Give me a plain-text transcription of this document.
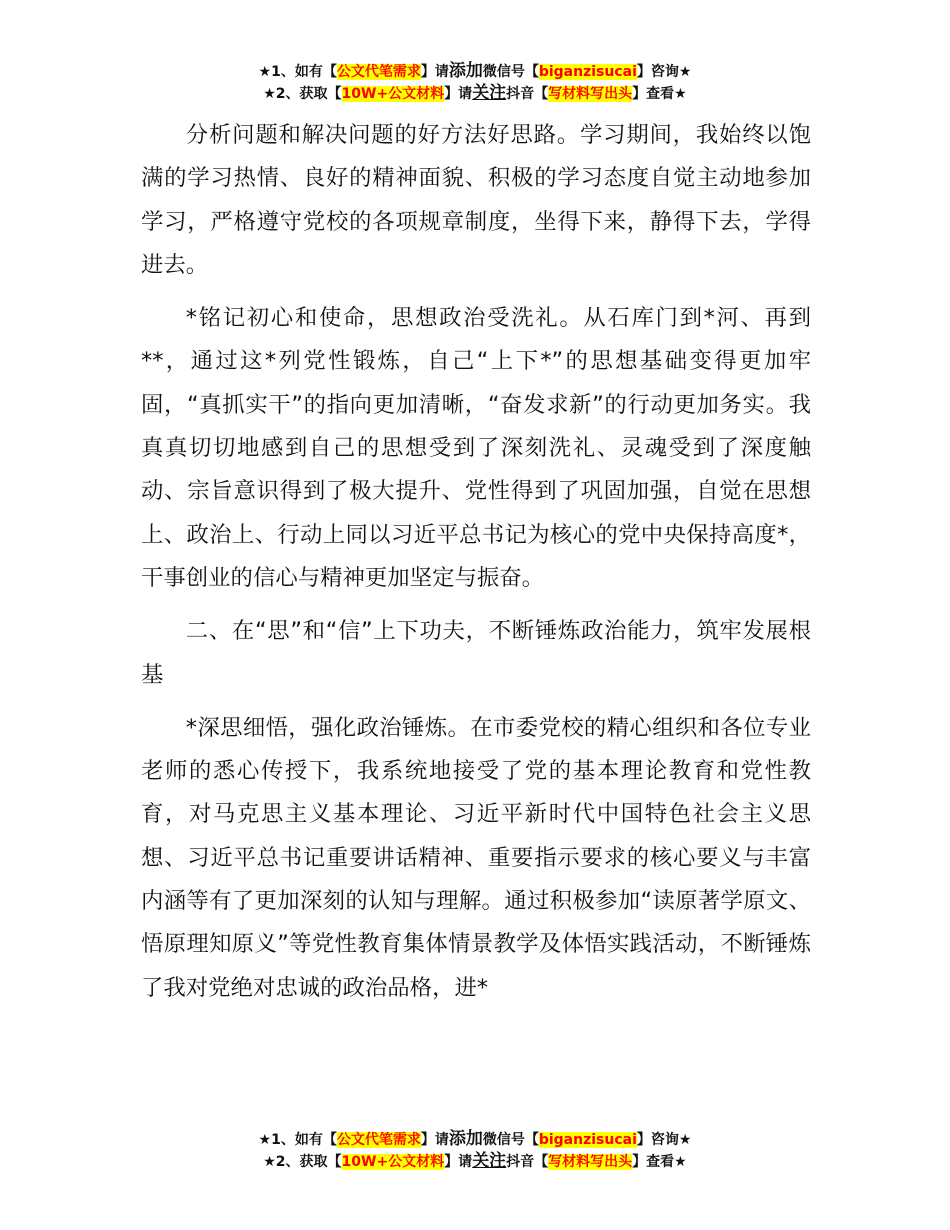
★1、如有【公文代笔需求】请添加微信号【biganzisucai】咨询★
★2、获取【10W+公文材料】请关注抖音【写材料写出头】查看★

分析问题和解决问题的好方法好思路。学习期间，我始终以饱满的学习热情、良好的精神面貌、积极的学习态度自觉主动地参加学习，严格遵守党校的各项规章制度，坐得下来，静得下去，学得进去。

*铭记初心和使命，思想政治受洗礼。从石库门到*河、再到**，通过这*列党性锻炼，自己“上下*”的思想基础变得更加牢固，“真抓实干”的指向更加清晰，“奋发求新”的行动更加务实。我真真切切地感到自己的思想受到了深刻洗礼、灵魂受到了深度触动、宗旨意识得到了极大提升、党性得到了巩固加强，自觉在思想上、政治上、行动上同以习近平总书记为核心的党中央保持高度*，干事创业的信心与精神更加坚定与振奋。

二、在“思”和“信”上下功夫，不断锤炼政治能力，筑牢发展根基

*深思细悟，强化政治锤炼。在市委党校的精心组织和各位专业老师的悉心传授下，我系统地接受了党的基本理论教育和党性教育，对马克思主义基本理论、习近平新时代中国特色社会主义思想、习近平总书记重要讲话精神、重要指示要求的核心要义与丰富内涵等有了更加深刻的认知与理解。通过积极参加“读原著学原文、悟原理知原义”等党性教育集体情景教学及体悟实践活动，不断锤炼了我对党绝对忠诚的政治品格，进*

★1、如有【公文代笔需求】请添加微信号【biganzisucai】咨询★
★2、获取【10W+公文材料】请关注抖音【写材料写出头】查看★
